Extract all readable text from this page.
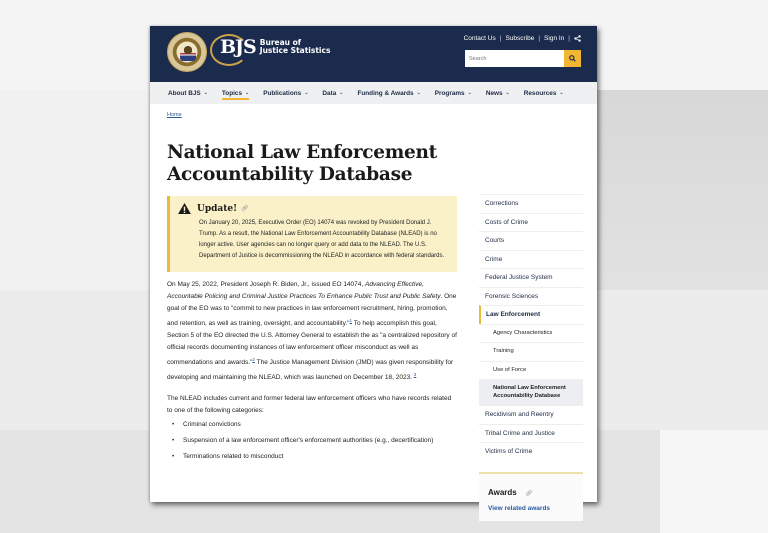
BJS Bureau of
Justice Statistics
Contact Us | Subscribe | Sign In |
Search
About BJS ⌄ Topics ⌄ Publications ⌄ Data ⌄ Funding & Awards ⌄ Programs ⌄ News ⌄ Resources ⌄
Home
National Law Enforcement Accountability Database
Update! 🔗︎
On January 20, 2025, Executive Order (EO) 14074 was revoked by President Donald J. Trump. As a result, the National Law Enforcement Accountability Database (NLEAD) is no longer active. User agencies can no longer query or add data to the NLEAD. The U.S. Department of Justice is decommissioning the NLEAD in accordance with federal standards.

On May 25, 2022, President Joseph R. Biden, Jr., issued EO 14074, Advancing Effective, Accountable Policing and Criminal Justice Practices To Enhance Public Trust and Public Safety. One goal of the EO was to "commit to new practices in law enforcement recruitment, hiring, promotion, and retention, as well as training, oversight, and accountability."$^1$ To help accomplish this goal, Section 5 of the EO directed the U.S. Attorney General to establish the as "a centralized repository of official records documenting instances of law enforcement officer misconduct as well as commendations and awards."$^2$ The Justice Management Division (JMD) was given responsibility for developing and maintaining the NLEAD, which was launched on December 18, 2023. $^3$

The NLEAD includes current and former federal law enforcement officers who have records related to one of the following categories:

• Criminal convictions
• Suspension of a law enforcement officer's enforcement authorities (e.g., decertification)
• Terminations related to misconduct
Corrections
Costs of Crime
Courts
Crime
Federal Justice System
Forensic Sciences
Law Enforcement
Agency Characteristics
Training
Use of Force
National Law Enforcement Accountability Database
Recidivism and Reentry
Tribal Crime and Justice
Victims of Crime
Awards 🔗︎
View related awards
